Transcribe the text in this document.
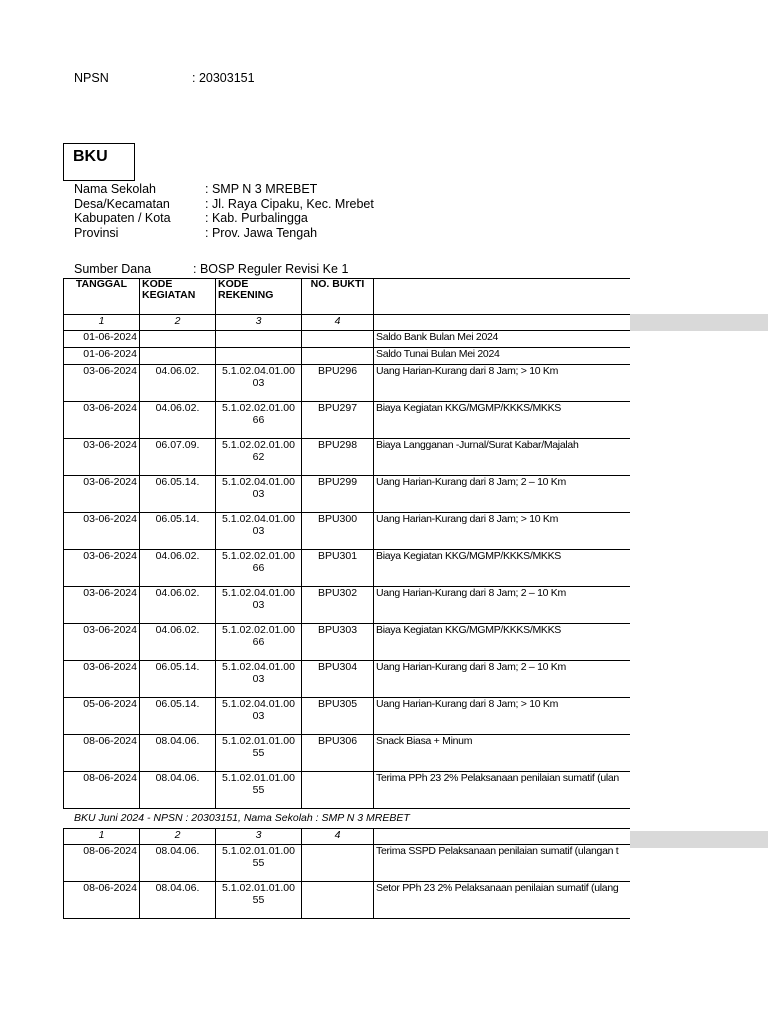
NPSN	: 20303151
BKU
Nama Sekolah	: SMP N 3 MREBET
Desa/Kecamatan	: Jl. Raya Cipaku, Kec. Mrebet
Kabupaten / Kota	: Kab. Purbalingga
Provinsi	: Prov. Jawa Tengah
Sumber Dana	: BOSP Reguler Revisi Ke 1
TANGGAL	KODE KEGIATAN	KODE REKENING	NO. BUKTI	
1	2	3	4	
01-06-2024				Saldo Bank Bulan Mei 2024
01-06-2024				Saldo Tunai Bulan Mei 2024
03-06-2024	04.06.02.	5.1.02.04.01.00 03	BPU296	Uang Harian-Kurang dari 8 Jam; > 10 Km
03-06-2024	04.06.02.	5.1.02.02.01.00 66	BPU297	Biaya Kegiatan KKG/MGMP/KKKS/MKKS
03-06-2024	06.07.09.	5.1.02.02.01.00 62	BPU298	Biaya Langganan -Jurnal/Surat Kabar/Majalah
03-06-2024	06.05.14.	5.1.02.04.01.00 03	BPU299	Uang Harian-Kurang dari 8 Jam; 2 – 10 Km
03-06-2024	06.05.14.	5.1.02.04.01.00 03	BPU300	Uang Harian-Kurang dari 8 Jam; > 10 Km
03-06-2024	04.06.02.	5.1.02.02.01.00 66	BPU301	Biaya Kegiatan KKG/MGMP/KKKS/MKKS
03-06-2024	04.06.02.	5.1.02.04.01.00 03	BPU302	Uang Harian-Kurang dari 8 Jam; 2 – 10 Km
03-06-2024	04.06.02.	5.1.02.02.01.00 66	BPU303	Biaya Kegiatan KKG/MGMP/KKKS/MKKS
03-06-2024	06.05.14.	5.1.02.04.01.00 03	BPU304	Uang Harian-Kurang dari 8 Jam; 2 – 10 Km
05-06-2024	06.05.14.	5.1.02.04.01.00 03	BPU305	Uang Harian-Kurang dari 8 Jam; > 10 Km
08-06-2024	08.04.06.	5.1.02.01.01.00 55	BPU306	Snack Biasa + Minum
08-06-2024	08.04.06.	5.1.02.01.01.00 55		Terima PPh 23 2% Pelaksanaan penilaian sumatif (ulan
BKU Juni 2024 - NPSN : 20303151, Nama Sekolah : SMP N 3 MREBET
1	2	3	4	
08-06-2024	08.04.06.	5.1.02.01.01.00 55		Terima SSPD Pelaksanaan penilaian sumatif (ulangan t
08-06-2024	08.04.06.	5.1.02.01.01.00 55		Setor PPh 23 2% Pelaksanaan penilaian sumatif (ulang
